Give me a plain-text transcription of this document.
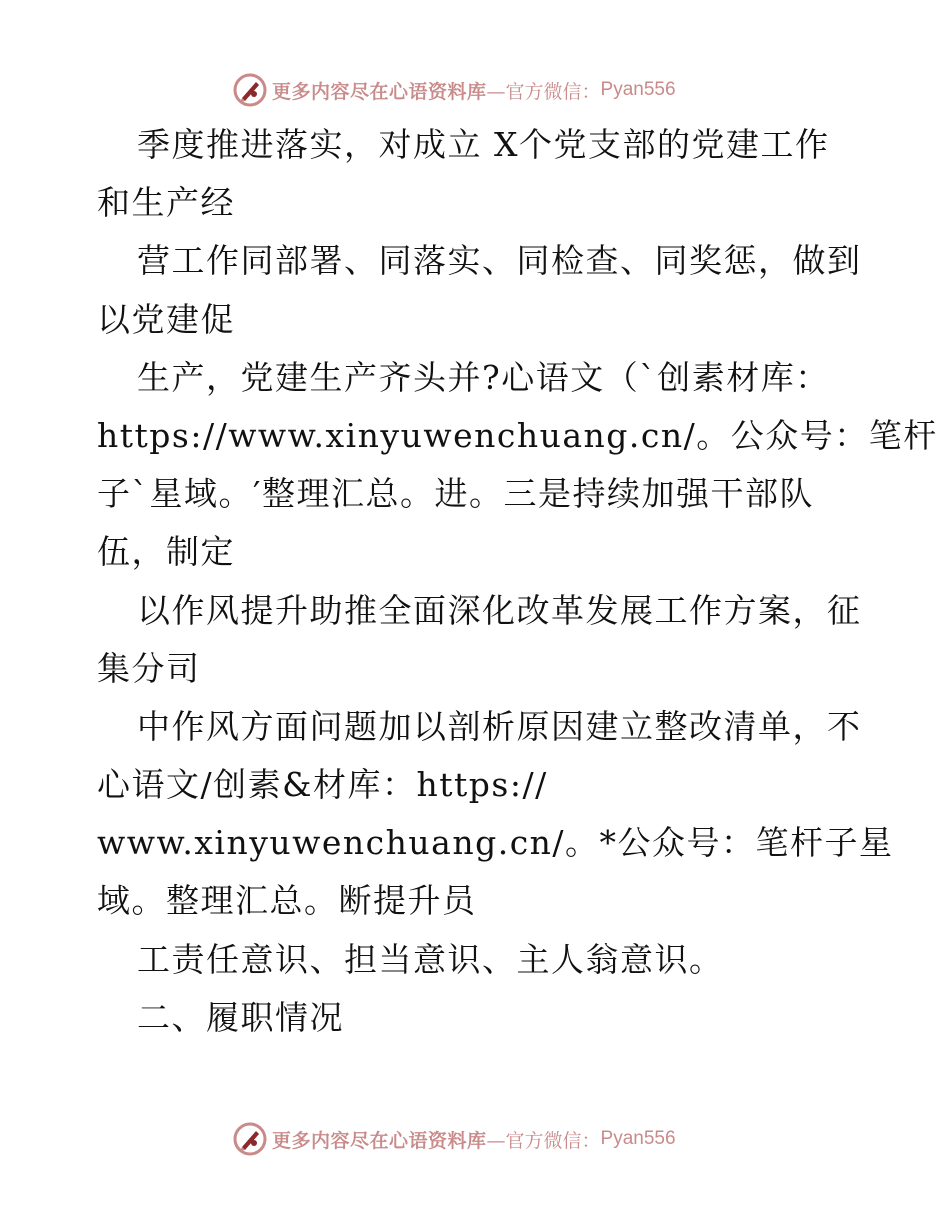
更多内容尽在心语资料库 —官方微信： Pyan556
季度推进落实，对成立 X个党支部的党建工作
和生产经
营工作同部署、同落实、同检查、同奖惩，做到
以党建促
生产，党建生产齐头并?心语文（`创素材库：
https://www.xinyuwenchuang.cn/。公众号：笔杆
子`星域。′整理汇总。进。三是持续加强干部队
伍，制定
以作风提升助推全面深化改革发展工作方案，征
集分司
中作风方面问题加以剖析原因建立整改清单，不
心语文/创素&材库：https://
www.xinyuwenchuang.cn/。*公众号：笔杆子星
域。整理汇总。断提升员
工责任意识、担当意识、主人翁意识。
二、履职情况
更多内容尽在心语资料库 —官方微信： Pyan556
